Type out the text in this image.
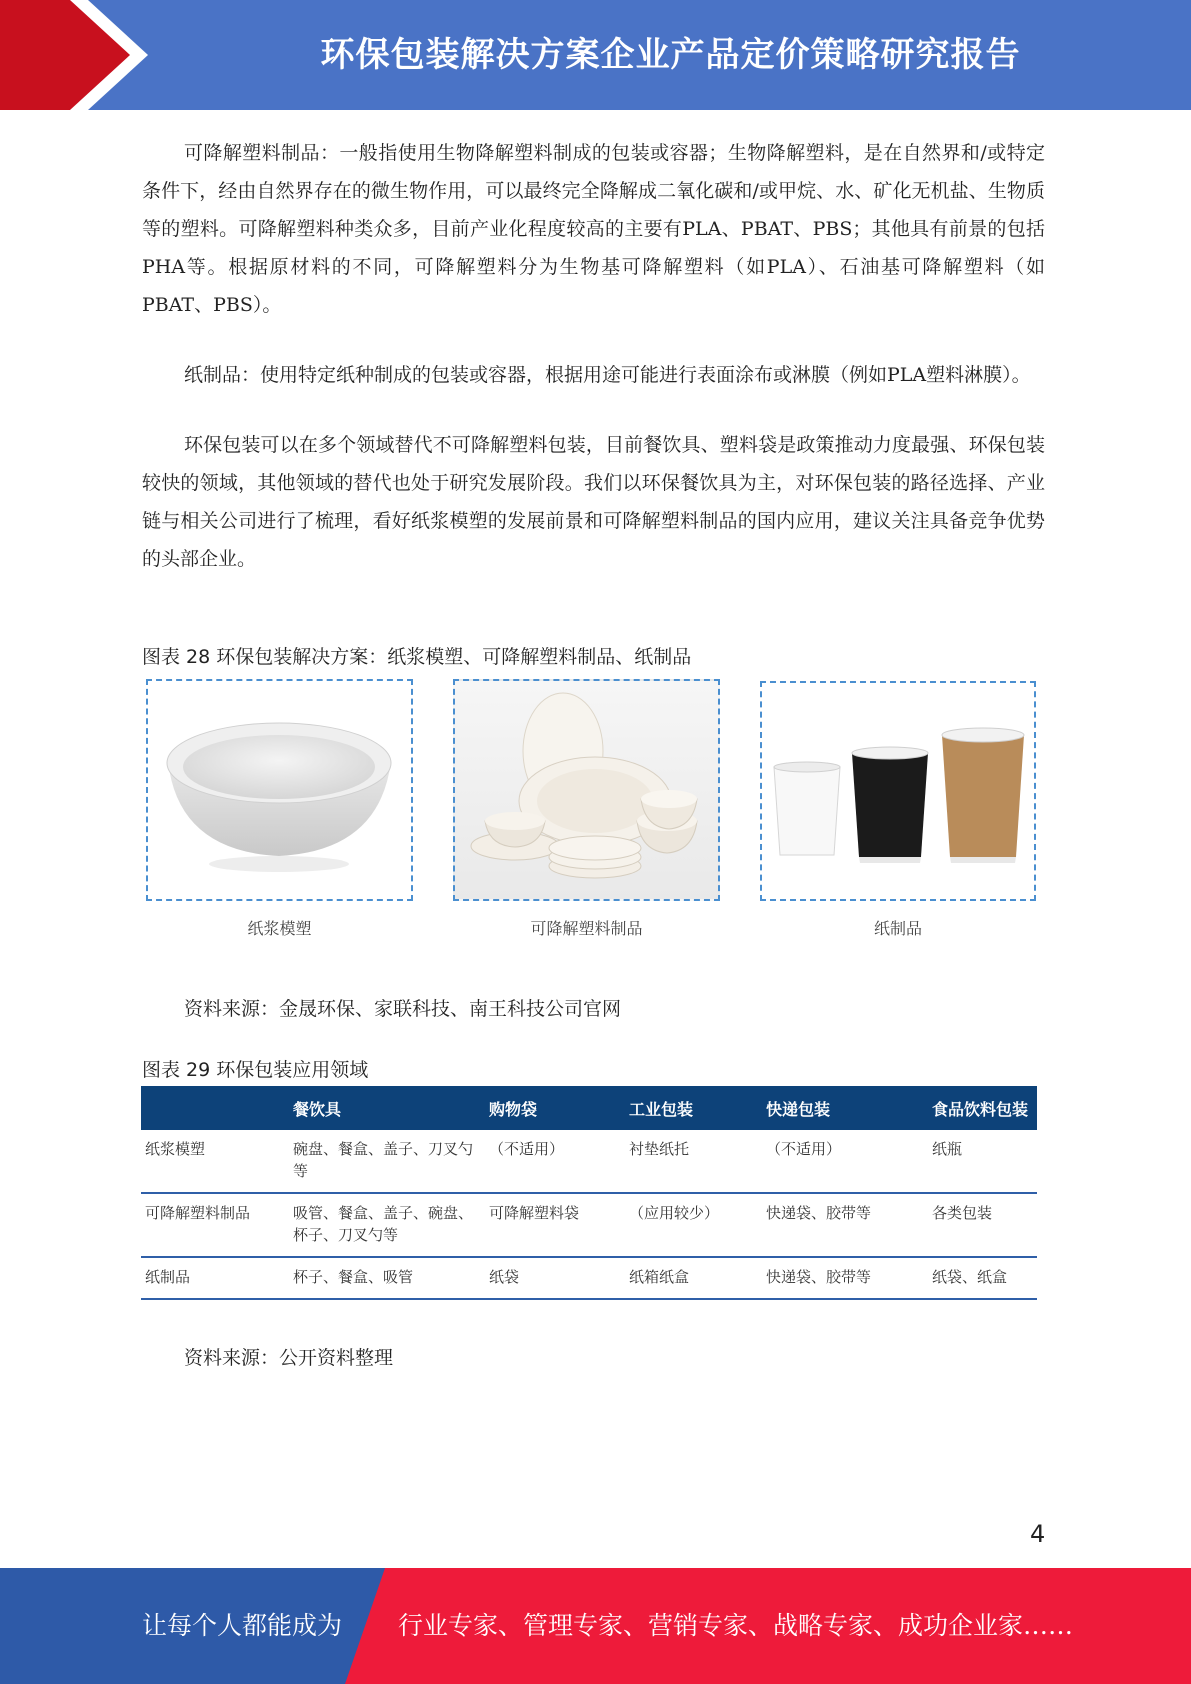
环保包装解决方案企业产品定价策略研究报告

可降解塑料制品：一般指使用生物降解塑料制成的包装或容器；生物降解塑料，是在自然界和/或特定条件下，经由自然界存在的微生物作用，可以最终完全降解成二氧化碳和/或甲烷、水、矿化无机盐、生物质等的塑料。可降解塑料种类众多，目前产业化程度较高的主要有PLA、PBAT、PBS；其他具有前景的包括PHA等。根据原材料的不同，可降解塑料分为生物基可降解塑料（如PLA）、石油基可降解塑料（如PBAT、PBS）。

纸制品：使用特定纸种制成的包装或容器，根据用途可能进行表面涂布或淋膜（例如PLA塑料淋膜）。

环保包装可以在多个领域替代不可降解塑料包装，目前餐饮具、塑料袋是政策推动力度最强、环保包装较快的领域，其他领域的替代也处于研究发展阶段。我们以环保餐饮具为主，对环保包装的路径选择、产业链与相关公司进行了梳理，看好纸浆模塑的发展前景和可降解塑料制品的国内应用，建议关注具备竞争优势的头部企业。

图表 28 环保包装解决方案：纸浆模塑、可降解塑料制品、纸制品
纸浆模塑	可降解塑料制品	纸制品
资料来源：金晟环保、家联科技、南王科技公司官网
图表 29 环保包装应用领域
	餐饮具	购物袋	工业包装	快递包装	食品饮料包装
纸浆模塑	碗盘、餐盒、盖子、刀叉勺等	（不适用）	衬垫纸托	（不适用）	纸瓶
可降解塑料制品	吸管、餐盒、盖子、碗盘、杯子、刀叉勺等	可降解塑料袋	（应用较少）	快递袋、胶带等	各类包装
纸制品	杯子、餐盒、吸管	纸袋	纸箱纸盒	快递袋、胶带等	纸袋、纸盒
资料来源：公开资料整理
4
让每个人都能成为 行业专家、管理专家、营销专家、战略专家、成功企业家……
